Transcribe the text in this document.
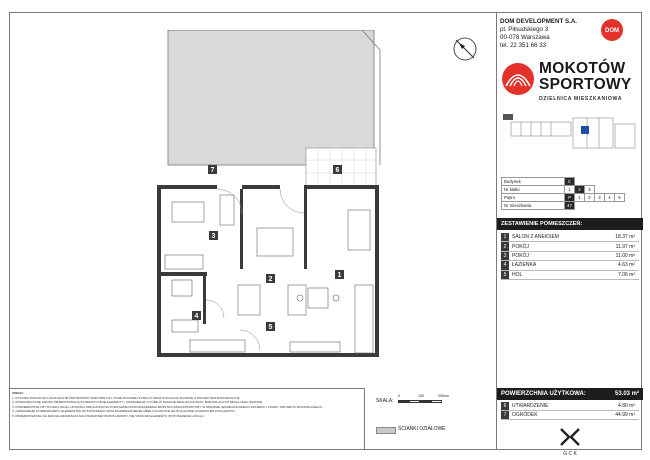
1
2
3
4
5
6
7

UWAGI:

1. RYSUNKI POKAZUJĄ LOKALIZACJĘ PRZYBORÓW SANITARNYCH, PODEJŚCIOWEJ FUNKCJI ORAZ POKAZUJĄ ZGODNIE Z PROJEKTEM BUDOWLANYM.

2. POSZCZEGÓLNE WIDOKI PRZEDSTAWIAJĄ SCHEMATYCZNE ELEMENTY I URZĄDZENIA, KTÓRE W TRAKCIE REALIZACJI PRAC BUDOWLANYCH MOGĄ ULEC ZMIANIE.

3. POWIERZCHNIA UŻYTKOWA LOKALU ZOSTAŁA OBLICZONA NA PODSTAWIE ROZPORZĄDZENIA MINISTRA INFRASTRUKTURY W SPRAWIE SZCZEGÓŁOWEGO ZAKRESU I FORMY PROJEKTU BUDOWLANEGO.

4. OZNACZENIE POMIESZCZEŃ I ELEMENTÓW WYKOŃCZENIA ORAZ ROZMIESZCZENIE MEBLI NA RZUCIE MA WYŁĄCZNIE CHARAKTER POGLĄDOWY.

5. PRZEDSTAWIONA NA RZUCIE ARANŻACJA MA CHARAKTER PRZYKŁADOWY, NIE STANOWI ELEMENTU WYPOSAŻENIA LOKALU.

SKALA:
0	100	200cm
ŚCIANKI DZIAŁOWE
DOM DEVELOPMENT S.A.
pl. Piłsudskiego 3
00-078 Warszawa
tel. 22 351 66 33
DOM
MOKOTÓW
SPORTOWY
DZIELNICA MIESZKANIOWA
Budynek	C					
Nr klatki	1	2	3			
Piętro	P	1	2	3	4	5
Nr mieszkania	47					
ZESTAWIENIE POMIESZCZEŃ:
1	SALON Z ANEKSEM	18.37 m²
2	POKÓJ	11.97 m²
3	POKÓJ	11.00 m²
4	ŁAZIENKA	4.63 m²
5	HOL	7.06 m²
POWIERZCHNIA UŻYTKOWA:	53.03 m²
6	UTWARDZENIE	4.80 m²
7	OGRÓDEK	44.99 m²
G C K
